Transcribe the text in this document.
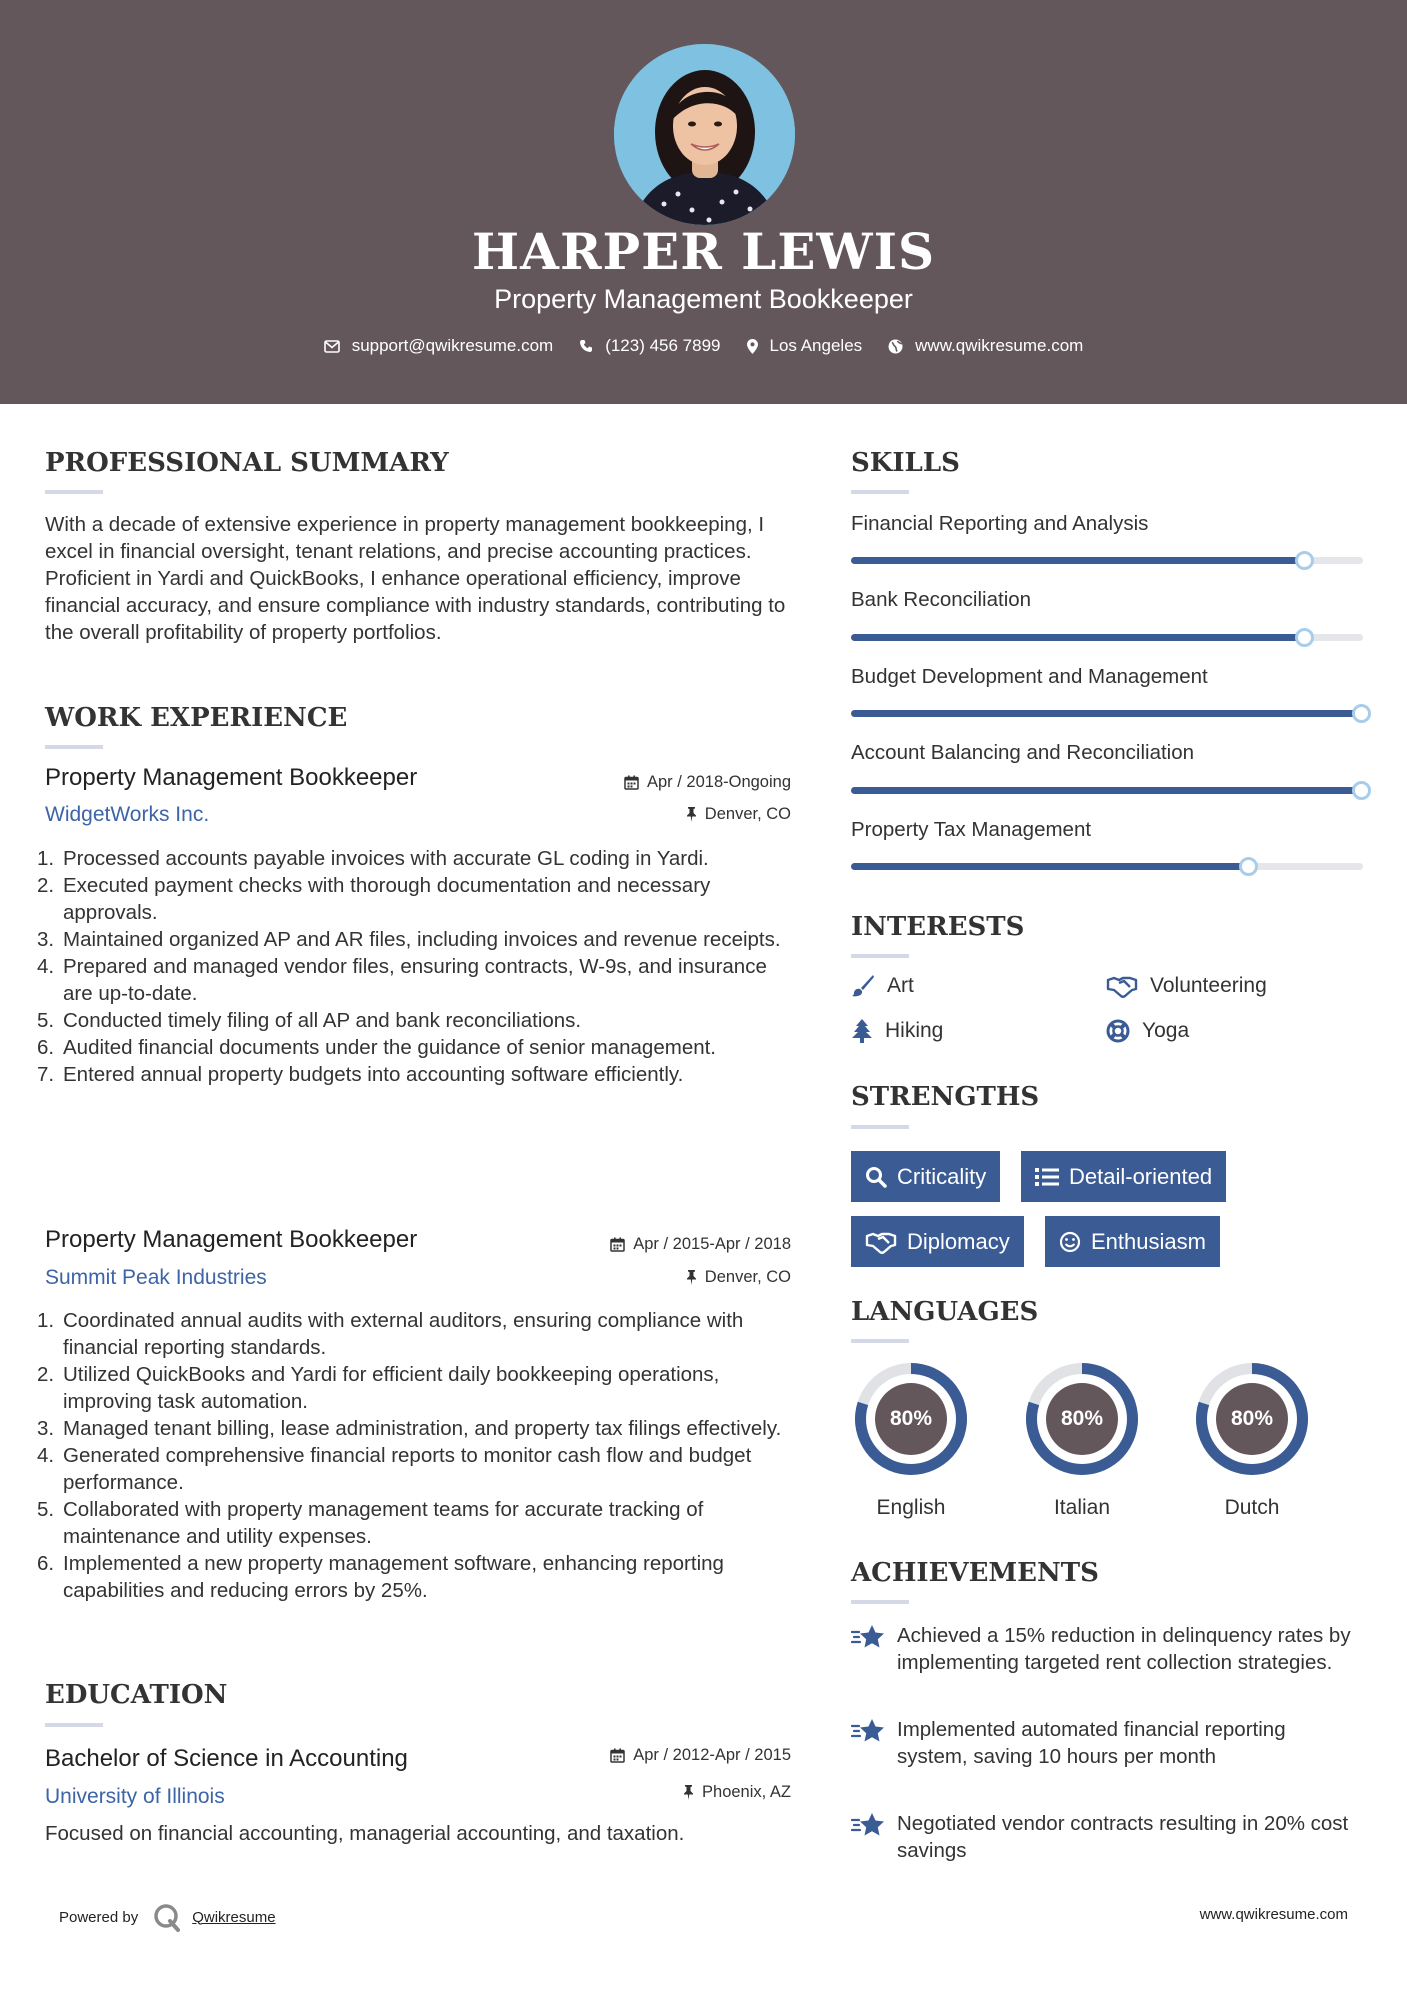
HARPER LEWIS
Property Management Bookkeeper
support@qwikresume.com	(123) 456 7899	Los Angeles	www.qwikresume.com
PROFESSIONAL SUMMARY
With a decade of extensive experience in property management bookkeeping, I excel in financial oversight, tenant relations, and precise accounting practices. Proficient in Yardi and QuickBooks, I enhance operational efficiency, improve financial accuracy, and ensure compliance with industry standards, contributing to the overall profitability of property portfolios.
WORK EXPERIENCE
Property Management Bookkeeper	Apr / 2018-Ongoing
WidgetWorks Inc.	Denver, CO
1. Processed accounts payable invoices with accurate GL coding in Yardi.
2. Executed payment checks with thorough documentation and necessary approvals.
3. Maintained organized AP and AR files, including invoices and revenue receipts.
4. Prepared and managed vendor files, ensuring contracts, W-9s, and insurance are up-to-date.
5. Conducted timely filing of all AP and bank reconciliations.
6. Audited financial documents under the guidance of senior management.
7. Entered annual property budgets into accounting software efficiently.
Property Management Bookkeeper	Apr / 2015-Apr / 2018
Summit Peak Industries	Denver, CO
1. Coordinated annual audits with external auditors, ensuring compliance with financial reporting standards.
2. Utilized QuickBooks and Yardi for efficient daily bookkeeping operations, improving task automation.
3. Managed tenant billing, lease administration, and property tax filings effectively.
4. Generated comprehensive financial reports to monitor cash flow and budget performance.
5. Collaborated with property management teams for accurate tracking of maintenance and utility expenses.
6. Implemented a new property management software, enhancing reporting capabilities and reducing errors by 25%.
EDUCATION
Bachelor of Science in Accounting	Apr / 2012-Apr / 2015
University of Illinois	Phoenix, AZ
Focused on financial accounting, managerial accounting, and taxation.
SKILLS
Financial Reporting and Analysis
Bank Reconciliation
Budget Development and Management
Account Balancing and Reconciliation
Property Tax Management
INTERESTS
Art	Volunteering
Hiking	Yoga
STRENGTHS
Criticality	Detail-oriented
Diplomacy	Enthusiasm
LANGUAGES
80%
English
80%
Italian
80%
Dutch
ACHIEVEMENTS
Achieved a 15% reduction in delinquency rates by implementing targeted rent collection strategies.
Implemented automated financial reporting system, saving 10 hours per month
Negotiated vendor contracts resulting in 20% cost savings
Powered by	Qwikresume	www.qwikresume.com
